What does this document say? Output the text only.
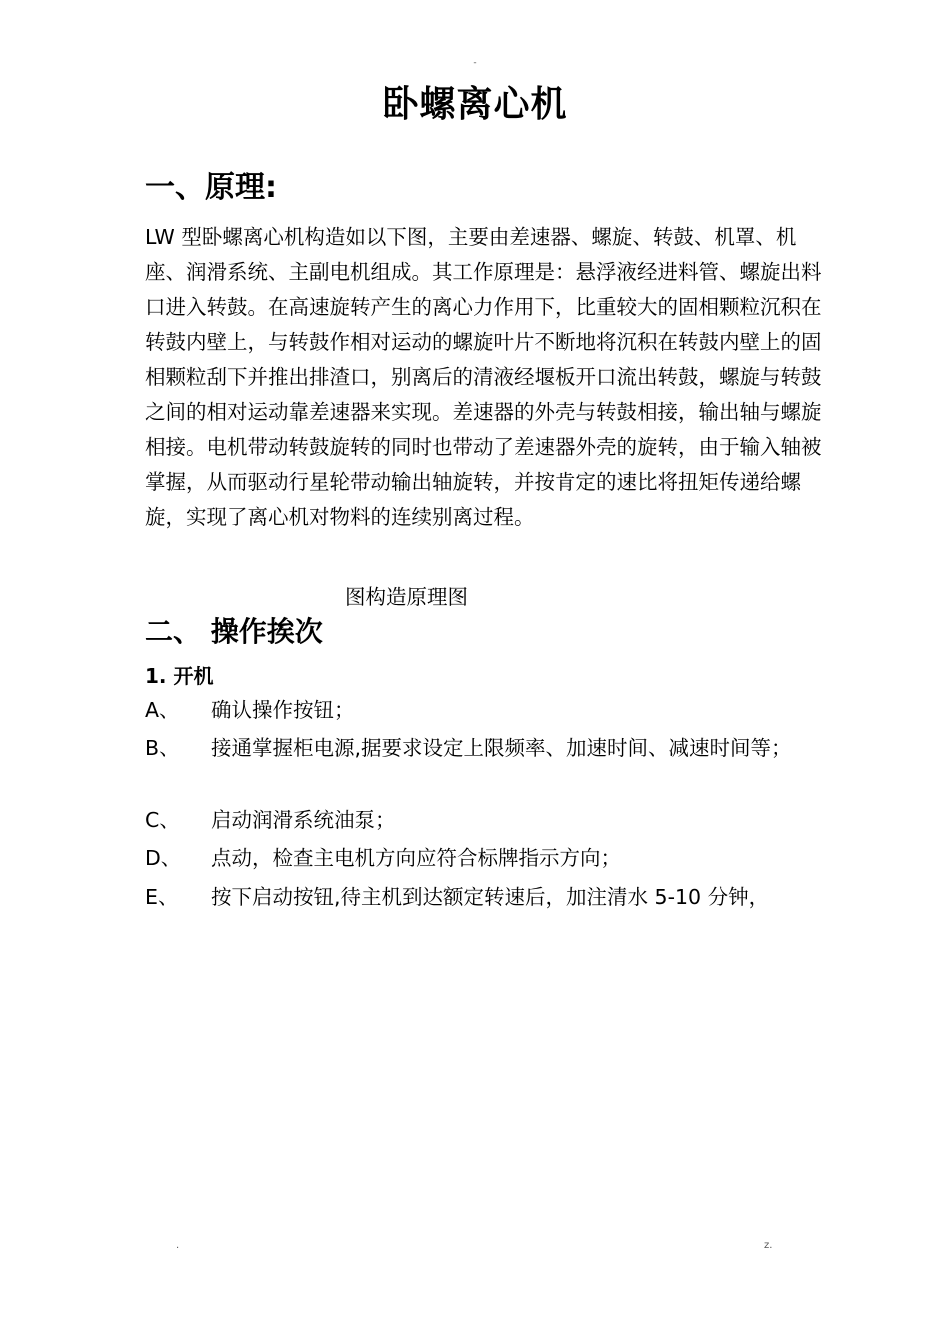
-
卧螺离心机
一、原理:
LW 型卧螺离心机构造如以下图，主要由差速器、螺旋、转鼓、机罩、机座、润滑系统、主副电机组成。其工作原理是：悬浮液经进料管、螺旋出料口进入转鼓。在高速旋转产生的离心力作用下，比重较大的固相颗粒沉积在转鼓内壁上，与转鼓作相对运动的螺旋叶片不断地将沉积在转鼓内壁上的固相颗粒刮下并推出排渣口，别离后的清液经堰板开口流出转鼓，螺旋与转鼓之间的相对运动靠差速器来实现。差速器的外壳与转鼓相接，输出轴与螺旋相接。电机带动转鼓旋转的同时也带动了差速器外壳的旋转，由于输入轴被掌握，从而驱动行星轮带动输出轴旋转，并按肯定的速比将扭矩传递给螺旋，实现了离心机对物料的连续别离过程。
图构造原理图
二、 操作挨次
1. 开机
A、 确认操作按钮；
B、 接通掌握柜电源,据要求设定上限频率、加速时间、减速时间等；
C、 启动润滑系统油泵；
D、 点动，检查主电机方向应符合标牌指示方向；
E、 按下启动按钮,待主机到达额定转速后，加注清水 5-10 分钟，
.	z.
